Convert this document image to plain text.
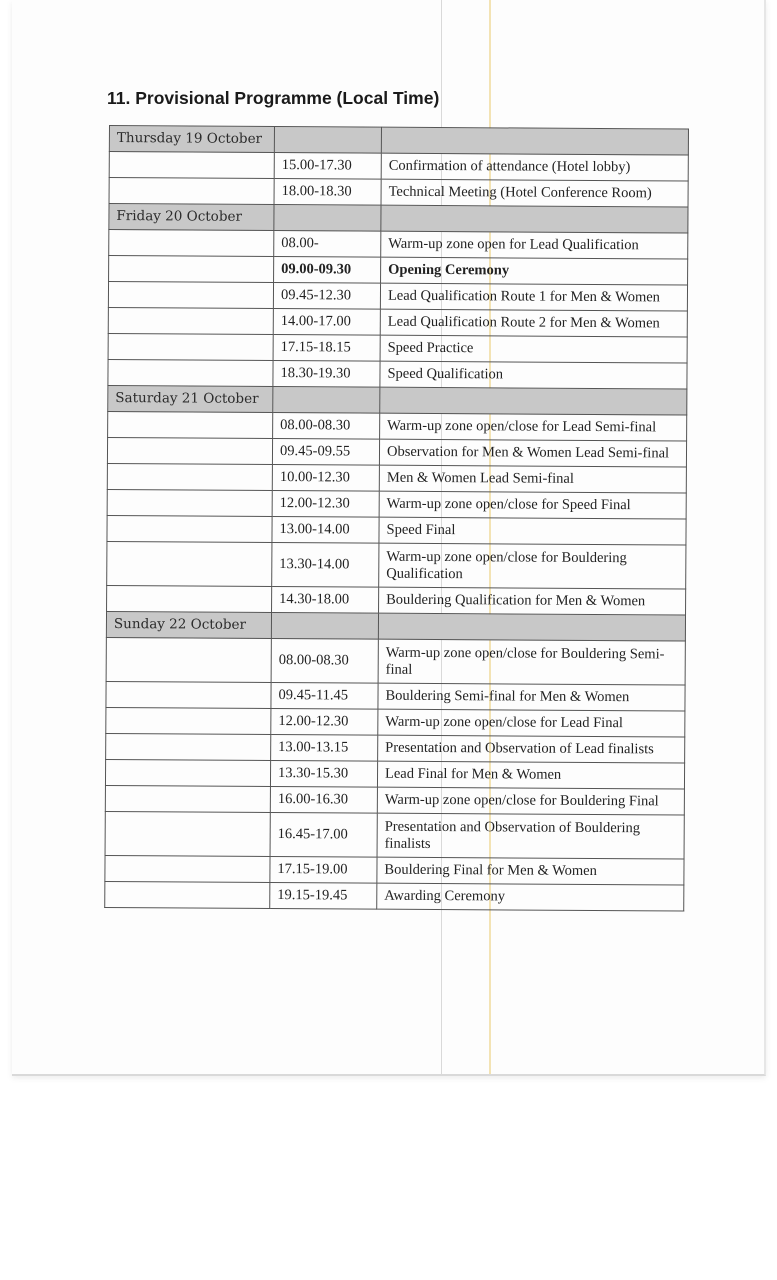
11. Provisional Programme (Local Time)
Thursday 19 October		
	15.00-17.30	Confirmation of attendance (Hotel lobby)
	18.00-18.30	Technical Meeting (Hotel Conference Room)
Friday 20 October		
	08.00-	Warm-up zone open for Lead Qualification
	09.00-09.30	Opening Ceremony
	09.45-12.30	Lead Qualification Route 1 for Men & Women
	14.00-17.00	Lead Qualification Route 2 for Men & Women
	17.15-18.15	Speed Practice
	18.30-19.30	Speed Qualification
Saturday 21 October		
	08.00-08.30	Warm-up zone open/close for Lead Semi-final
	09.45-09.55	Observation for Men & Women Lead Semi-final
	10.00-12.30	Men & Women Lead Semi-final
	12.00-12.30	Warm-up zone open/close for Speed Final
	13.00-14.00	Speed Final
	13.30-14.00	Warm-up zone open/close for Bouldering Qualification
	14.30-18.00	Bouldering Qualification for Men & Women
Sunday 22 October		
	08.00-08.30	Warm-up zone open/close for Bouldering Semi-final
	09.45-11.45	Bouldering Semi-final for Men & Women
	12.00-12.30	Warm-up zone open/close for Lead Final
	13.00-13.15	Presentation and Observation of Lead finalists
	13.30-15.30	Lead Final for Men & Women
	16.00-16.30	Warm-up zone open/close for Bouldering Final
	16.45-17.00	Presentation and Observation of Bouldering finalists
	17.15-19.00	Bouldering Final for Men & Women
	19.15-19.45	Awarding Ceremony
